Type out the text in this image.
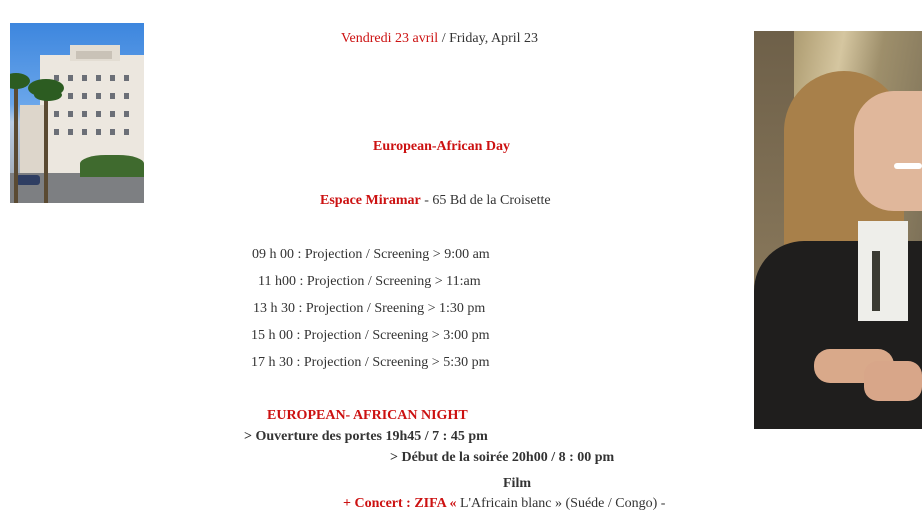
Vendredi 23 avril / Friday, April 23
European-African Day
Espace Miramar - 65 Bd de la Croisette
09 h 00 : Projection / Screening > 9:00 am
11 h00 : Projection / Screening > 11:am
13 h 30 : Projection / Sreening > 1:30 pm
15 h 00 : Projection / Screening > 3:00 pm
17 h 30 : Projection / Screening > 5:30 pm
EUROPEAN- AFRICAN NIGHT
> Ouverture des portes 19h45 / 7 : 45 pm
> Début de la soirée 20h00 / 8 : 00 pm
Film
+ Concert : ZIFA « L'Africain blanc » (Suéde / Congo) -
